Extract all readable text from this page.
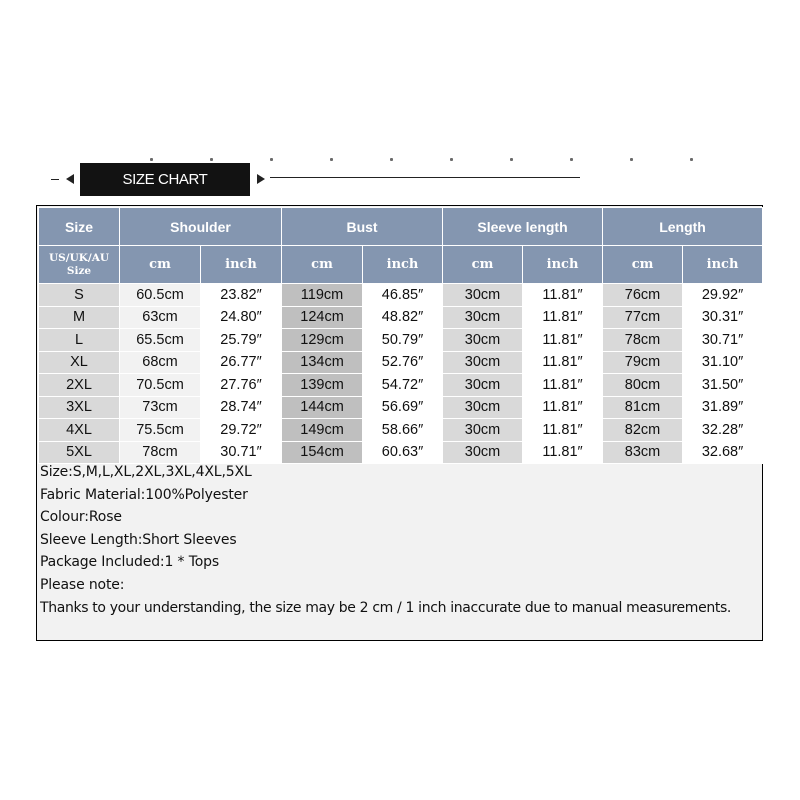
SIZE CHART
Size	Shoulder		Bust		Sleeve length		Length	
US/UK/AU
Size	cm	inch	cm	inch	cm	inch	cm	inch
S	60.5cm	23.82″	119cm	46.85″	30cm	11.81″	76cm	29.92″
M	63cm	24.80″	124cm	48.82″	30cm	11.81″	77cm	30.31″
L	65.5cm	25.79″	129cm	50.79″	30cm	11.81″	78cm	30.71″
XL	68cm	26.77″	134cm	52.76″	30cm	11.81″	79cm	31.10″
2XL	70.5cm	27.76″	139cm	54.72″	30cm	11.81″	80cm	31.50″
3XL	73cm	28.74″	144cm	56.69″	30cm	11.81″	81cm	31.89″
4XL	75.5cm	29.72″	149cm	58.66″	30cm	11.81″	82cm	32.28″
5XL	78cm	30.71″	154cm	60.63″	30cm	11.81″	83cm	32.68″
Size:S,M,L,XL,2XL,3XL,4XL,5XL
Fabric Material:100%Polyester
Colour:Rose
Sleeve Length:Short Sleeves
Package Included:1 * Tops
Please note:
Thanks to your understanding, the size may be 2 cm / 1 inch inaccurate due to manual measurements.
